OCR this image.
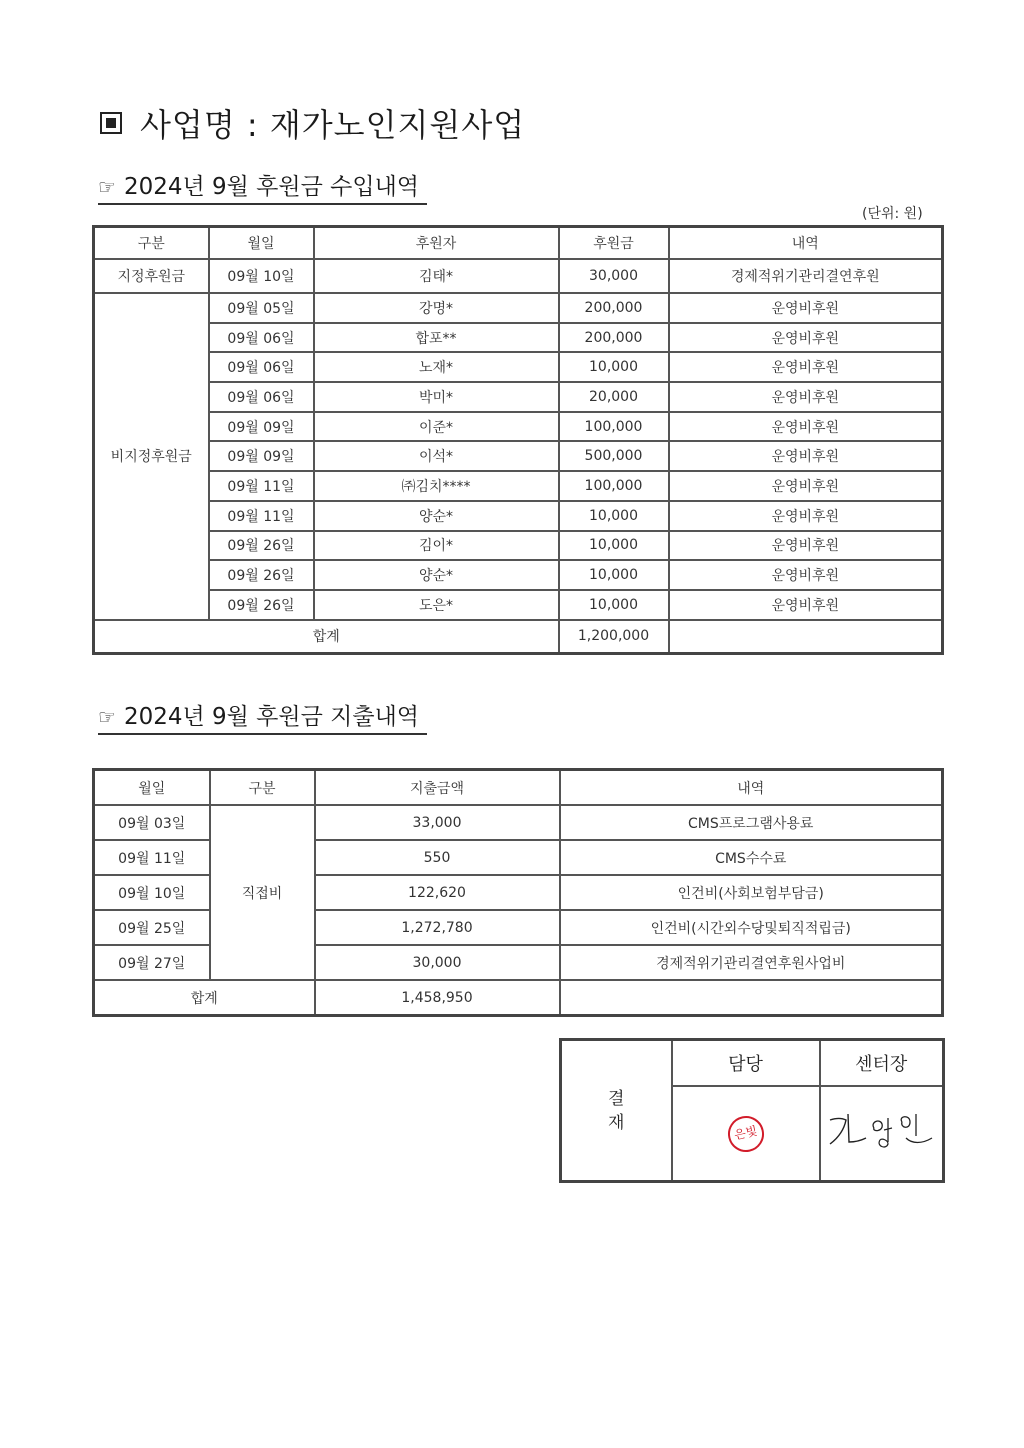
사업명 : 재가노인지원사업
☞ 2024년 9월 후원금 수입내역
(단위: 원)
구분	월일	후원자	후원금	내역
지정후원금	09월 10일	김태*	30,000	경제적위기관리결연후원
비지정후원금	09월 05일	강명*	200,000	운영비후원
	09월 06일	합포**	200,000	운영비후원
	09월 06일	노재*	10,000	운영비후원
	09월 06일	박미*	20,000	운영비후원
	09월 09일	이준*	100,000	운영비후원
	09월 09일	이석*	500,000	운영비후원
	09월 11일	㈜김치****	100,000	운영비후원
	09월 11일	양순*	10,000	운영비후원
	09월 26일	김이*	10,000	운영비후원
	09월 26일	양순*	10,000	운영비후원
	09월 26일	도은*	10,000	운영비후원
합계			1,200,000	
☞ 2024년 9월 후원금 지출내역
월일	구분	지출금액	내역
09월 03일	직접비	33,000	CMS프로그램사용료
09월 11일		550	CMS수수료
09월 10일		122,620	인건비(사회보험부담금)
09월 25일		1,272,780	인건비(시간외수당및퇴직적립금)
09월 27일		30,000	경제적위기관리결연후원사업비
합계		1,458,950	
결
재	담당	센터장
	은빛	
